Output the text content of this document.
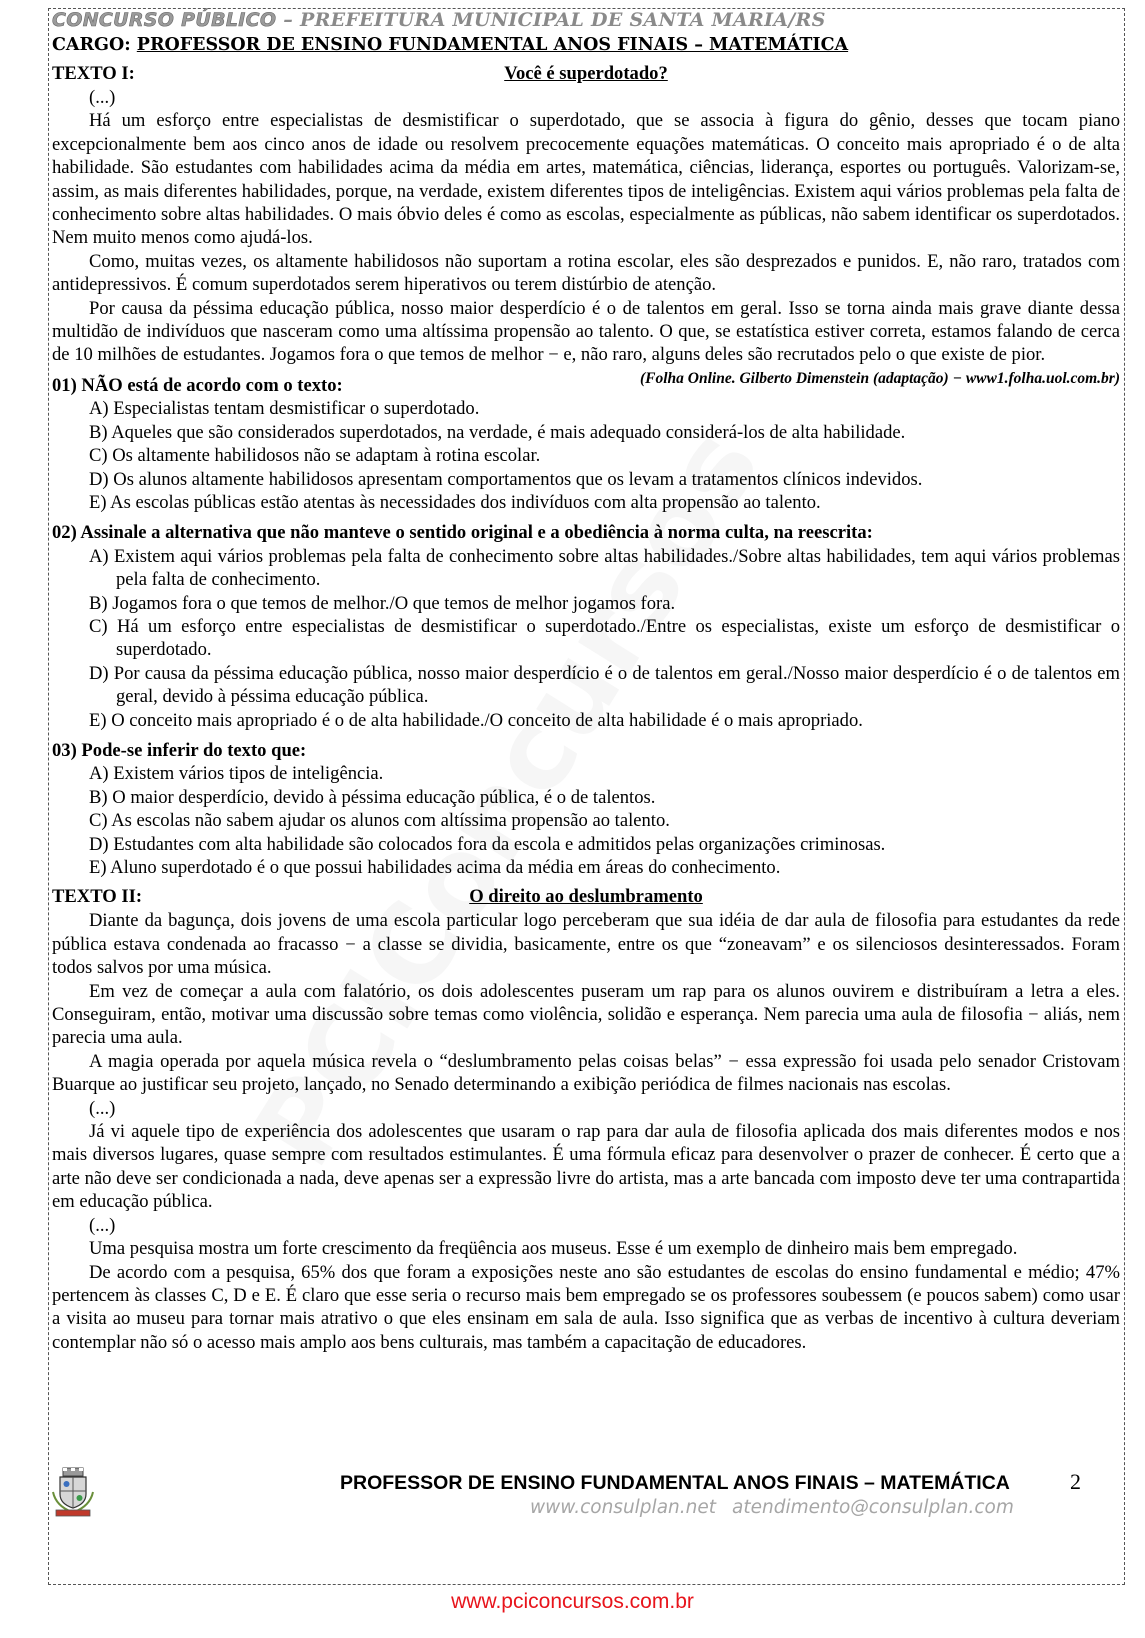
CONCURSO PÚBLICO – PREFEITURA MUNICIPAL DE SANTA MARIA/RS
CARGO: PROFESSOR DE ENSINO FUNDAMENTAL ANOS FINAIS – MATEMÁTICA
Você é superdotado?
TEXTO I:

(...)

Há um esforço entre especialistas de desmistificar o superdotado, que se associa à figura do gênio, desses que tocam piano excepcionalmente bem aos cinco anos de idade ou resolvem precocemente equações matemáticas. O conceito mais apropriado é o de alta habilidade. São estudantes com habilidades acima da média em artes, matemática, ciências, liderança, esportes ou português. Valorizam-se, assim, as mais diferentes habilidades, porque, na verdade, existem diferentes tipos de inteligências. Existem aqui vários problemas pela falta de conhecimento sobre altas habilidades. O mais óbvio deles é como as escolas, especialmente as públicas, não sabem identificar os superdotados. Nem muito menos como ajudá-los.

Como, muitas vezes, os altamente habilidosos não suportam a rotina escolar, eles são desprezados e punidos. E, não raro, tratados com antidepressivos. É comum superdotados serem hiperativos ou terem distúrbio de atenção.

Por causa da péssima educação pública, nosso maior desperdício é o de talentos em geral. Isso se torna ainda mais grave diante dessa multidão de indivíduos que nasceram como uma altíssima propensão ao talento. O que, se estatística estiver correta, estamos falando de cerca de 10 milhões de estudantes. Jogamos fora o que temos de melhor − e, não raro, alguns deles são recrutados pelo o que existe de pior.
(Folha Online. Gilberto Dimenstein (adaptação) − www1.folha.uol.com.br)

01) NÃO está de acordo com o texto:
A) Especialistas tentam desmistificar o superdotado.
B) Aqueles que são considerados superdotados, na verdade, é mais adequado considerá-los de alta habilidade.
C) Os altamente habilidosos não se adaptam à rotina escolar.
D) Os alunos altamente habilidosos apresentam comportamentos que os levam a tratamentos clínicos indevidos.
E) As escolas públicas estão atentas às necessidades dos indivíduos com alta propensão ao talento.
02) Assinale a alternativa que não manteve o sentido original e a obediência à norma culta, na reescrita:
A) Existem aqui vários problemas pela falta de conhecimento sobre altas habilidades./Sobre altas habilidades, tem aqui vários problemas pela falta de conhecimento.
B) Jogamos fora o que temos de melhor./O que temos de melhor jogamos fora.
C) Há um esforço entre especialistas de desmistificar o superdotado./Entre os especialistas, existe um esforço de desmistificar o superdotado.
D) Por causa da péssima educação pública, nosso maior desperdício é o de talentos em geral./Nosso maior desperdício é o de talentos em geral, devido à péssima educação pública.
E) O conceito mais apropriado é o de alta habilidade./O conceito de alta habilidade é o mais apropriado.
03) Pode-se inferir do texto que:
A) Existem vários tipos de inteligência.
B) O maior desperdício, devido à péssima educação pública, é o de talentos.
C) As escolas não sabem ajudar os alunos com altíssima propensão ao talento.
D) Estudantes com alta habilidade são colocados fora da escola e admitidos pelas organizações criminosas.
E) Aluno superdotado é o que possui habilidades acima da média em áreas do conhecimento.
O direito ao deslumbramento
TEXTO II:

Diante da bagunça, dois jovens de uma escola particular logo perceberam que sua idéia de dar aula de filosofia para estudantes da rede pública estava condenada ao fracasso − a classe se dividia, basicamente, entre os que “zoneavam” e os silenciosos desinteressados. Foram todos salvos por uma música.

Em vez de começar a aula com falatório, os dois adolescentes puseram um rap para os alunos ouvirem e distribuíram a letra a eles. Conseguiram, então, motivar uma discussão sobre temas como violência, solidão e esperança. Nem parecia uma aula de filosofia − aliás, nem parecia uma aula.

A magia operada por aquela música revela o “deslumbramento pelas coisas belas” − essa expressão foi usada pelo senador Cristovam Buarque ao justificar seu projeto, lançado, no Senado determinando a exibição periódica de filmes nacionais nas escolas.

(...)

Já vi aquele tipo de experiência dos adolescentes que usaram o rap para dar aula de filosofia aplicada dos mais diferentes modos e nos mais diversos lugares, quase sempre com resultados estimulantes. É uma fórmula eficaz para desenvolver o prazer de conhecer. É certo que a arte não deve ser condicionada a nada, deve apenas ser a expressão livre do artista, mas a arte bancada com imposto deve ter uma contrapartida em educação pública.

(...)

Uma pesquisa mostra um forte crescimento da freqüência aos museus. Esse é um exemplo de dinheiro mais bem empregado.

De acordo com a pesquisa, 65% dos que foram a exposições neste ano são estudantes de escolas do ensino fundamental e médio; 47% pertencem às classes C, D e E. É claro que esse seria o recurso mais bem empregado se os professores soubessem (e poucos sabem) como usar a visita ao museu para tornar mais atrativo o que eles ensinam em sala de aula. Isso significa que as verbas de incentivo à cultura deveriam contemplar não só o acesso mais amplo aos bens culturais, mas também a capacitação de educadores.

PROFESSOR DE ENSINO FUNDAMENTAL ANOS FINAIS – MATEMÁTICA	2
www.consulplan.net atendimento@consulplan.com
www.pciconcursos.com.br
